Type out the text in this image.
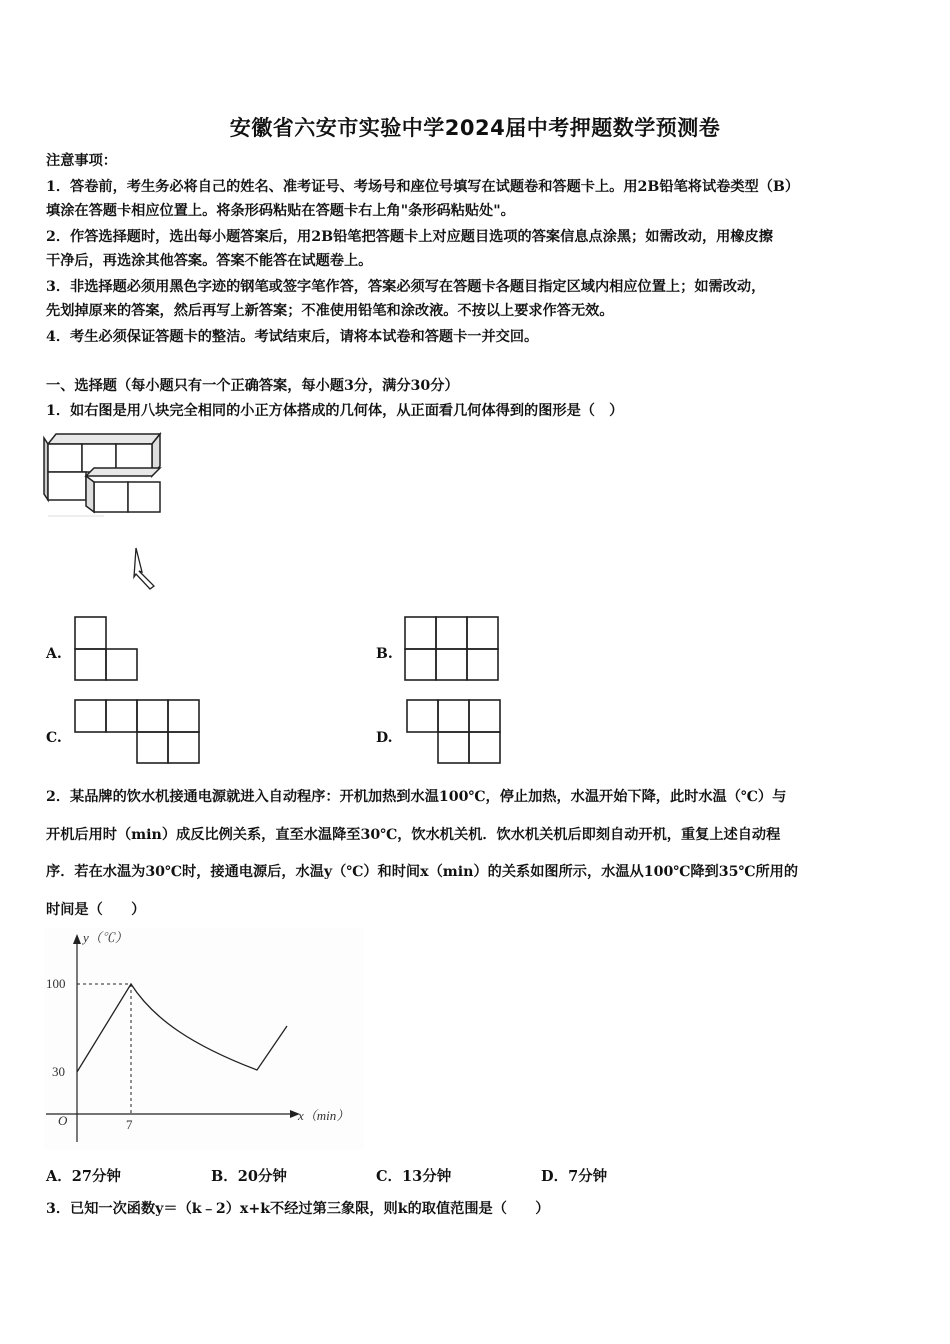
安徽省六安市实验中学2024届中考押题数学预测卷
注意事项：
1．答卷前，考生务必将自己的姓名、准考证号、考场号和座位号填写在试题卷和答题卡上。用2B铅笔将试卷类型（B）
填涂在答题卡相应位置上。将条形码粘贴在答题卡右上角"条形码粘贴处"。
2．作答选择题时，选出每小题答案后，用2B铅笔把答题卡上对应题目选项的答案信息点涂黑；如需改动，用橡皮擦
干净后，再选涂其他答案。答案不能答在试题卷上。
3．非选择题必须用黑色字迹的钢笔或签字笔作答，答案必须写在答题卡各题目指定区域内相应位置上；如需改动，
先划掉原来的答案，然后再写上新答案；不准使用铅笔和涂改液。不按以上要求作答无效。
4．考生必须保证答题卡的整洁。考试结束后，请将本试卷和答题卡一并交回。
一、选择题（每小题只有一个正确答案，每小题3分，满分30分）
1．如右图是用八块完全相同的小正方体搭成的几何体，从正面看几何体得到的图形是（　）
A.	B.
C.	D.
2．某品牌的饮水机接通电源就进入自动程序：开机加热到水温100℃，停止加热，水温开始下降，此时水温（℃）与
开机后用时（min）成反比例关系，直至水温降至30℃，饮水机关机．饮水机关机后即刻自动开机，重复上述自动程
序．若在水温为30℃时，接通电源后，水温y（℃）和时间x（min）的关系如图所示，水温从100℃降到35℃所用的
时间是（　　）
y（℃）
x（min）
O
100
30
7
A．27分钟	B．20分钟	C．13分钟	D．7分钟
3．已知一次函数y＝（k﹣2）x+k不经过第三象限，则k的取值范围是（　　）
